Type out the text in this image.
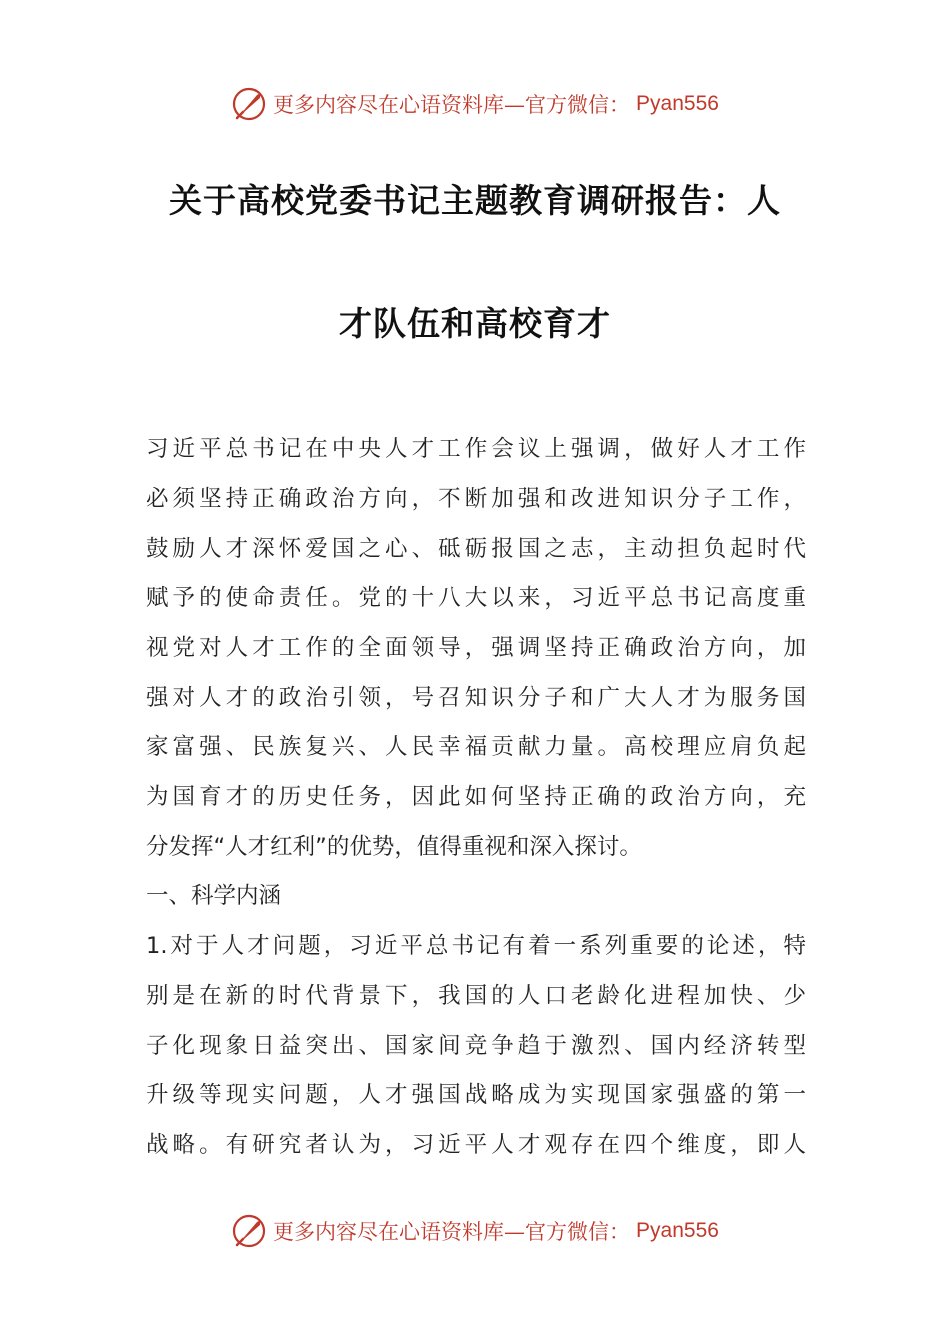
更多内容尽在心语资料库—官方微信： Pyan556
关于高校党委书记主题教育调研报告：人
才队伍和高校育才
习近平总书记在中央人才工作会议上强调，做好人才工作
必须坚持正确政治方向，不断加强和改进知识分子工作，
鼓励人才深怀爱国之心、砥砺报国之志，主动担负起时代
赋予的使命责任。党的十八大以来，习近平总书记高度重
视党对人才工作的全面领导，强调坚持正确政治方向，加
强对人才的政治引领，号召知识分子和广大人才为服务国
家富强、民族复兴、人民幸福贡献力量。高校理应肩负起
为国育才的历史任务，因此如何坚持正确的政治方向，充
分发挥“人才红利”的优势，值得重视和深入探讨。
一、科学内涵
1.对于人才问题，习近平总书记有着一系列重要的论述，特
别是在新的时代背景下，我国的人口老龄化进程加快、少
子化现象日益突出、国家间竞争趋于激烈、国内经济转型
升级等现实问题，人才强国战略成为实现国家强盛的第一
战略。有研究者认为，习近平人才观存在四个维度，即人
更多内容尽在心语资料库—官方微信： Pyan556
